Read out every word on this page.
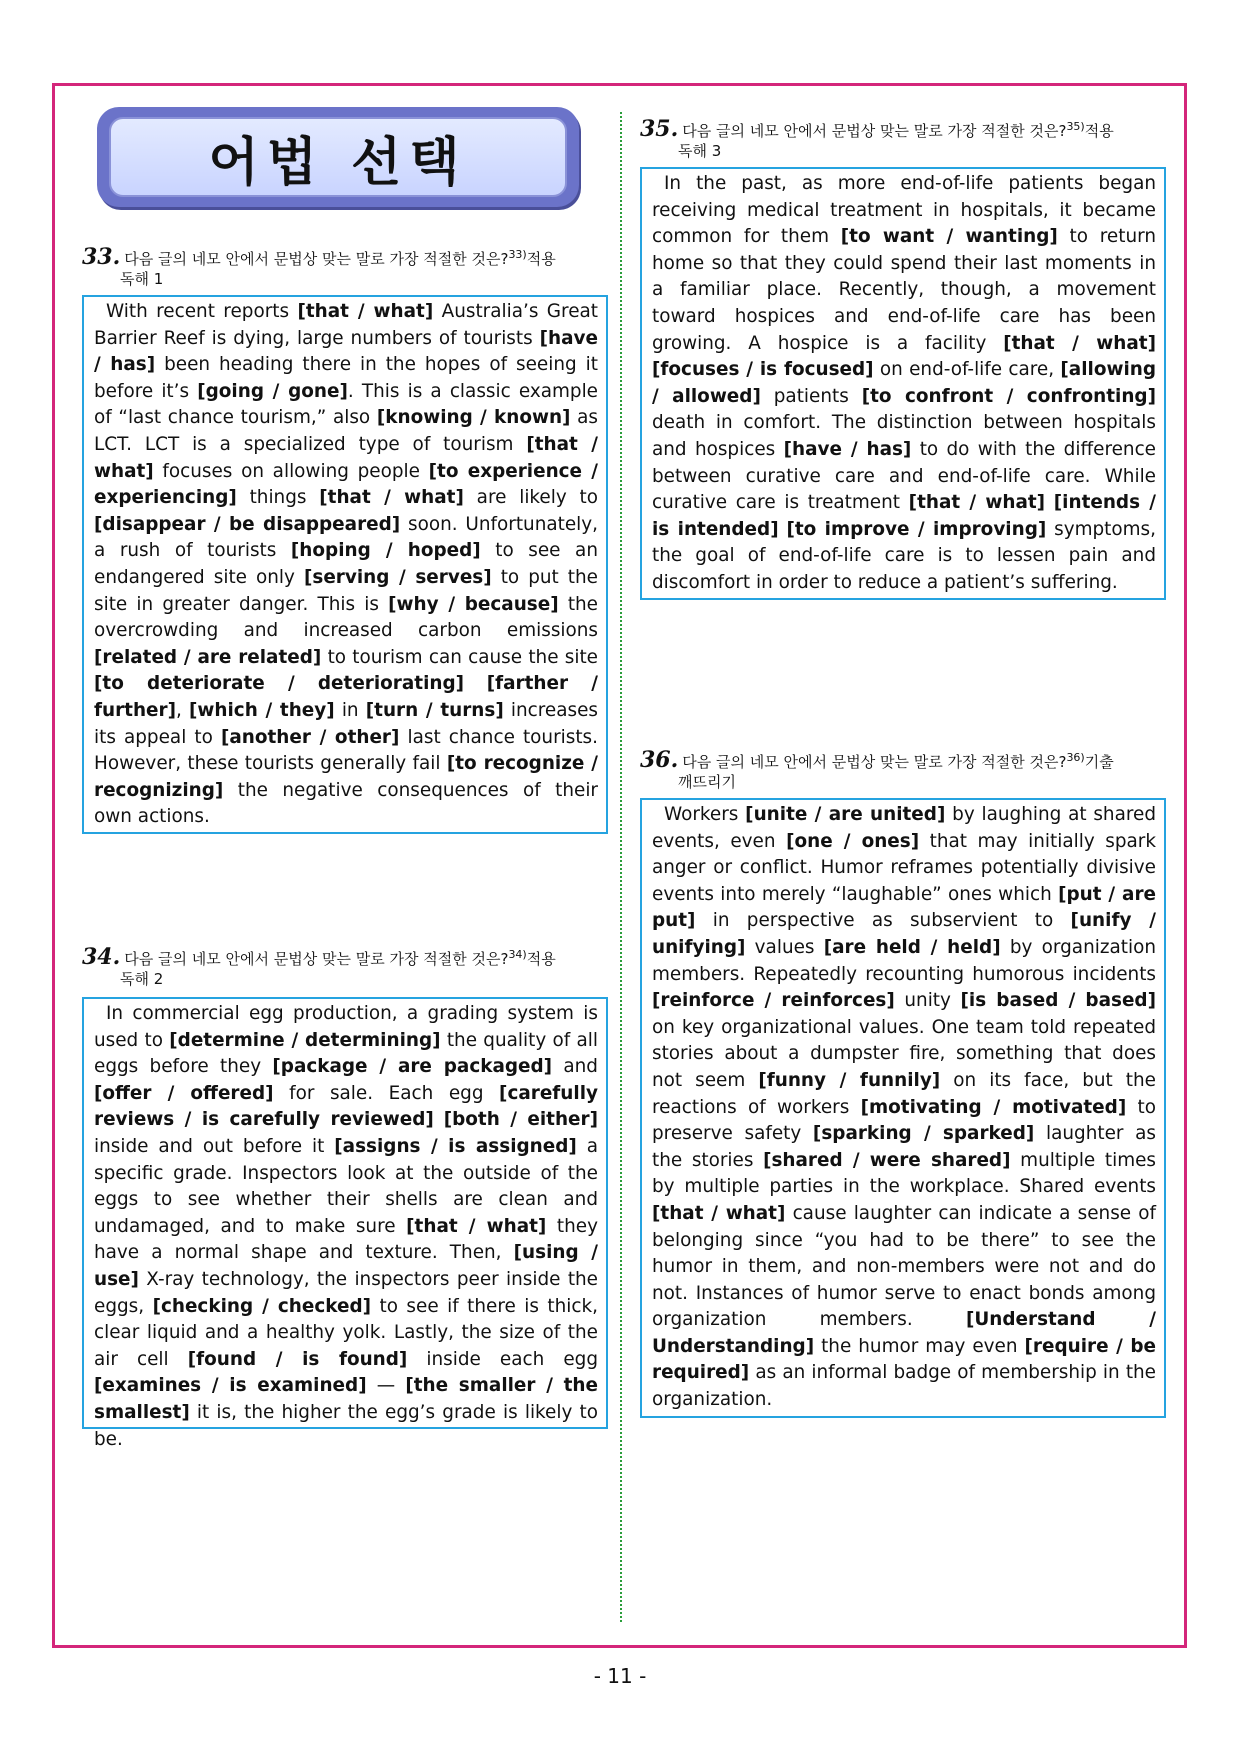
어법 선택
33. 다음 글의 네모 안에서 문법상 맞는 말로 가장 적절한 것은?$^{33)}$적용
독해 1
With recent reports [that / what] Australia’s Great Barrier Reef is dying, large numbers of tourists [have / has] been heading there in the hopes of seeing it before it’s [going / gone]. This is a classic example of “last chance tourism,” also [knowing / known] as LCT. LCT is a specialized type of tourism [that / what] focuses on allowing people [to experience / experiencing] things [that / what] are likely to [disappear / be disappeared] soon. Unfortunately, a rush of tourists [hoping / hoped] to see an endangered site only [serving / serves] to put the site in greater danger. This is [why / because] the overcrowding and increased carbon emissions [related / are related] to tourism can cause the site [to deteriorate / deteriorating] [farther / further], [which / they] in [turn / turns] increases its appeal to [another / other] last chance tourists. However, these tourists generally fail [to recognize / recognizing] the negative consequences of their own actions.
34. 다음 글의 네모 안에서 문법상 맞는 말로 가장 적절한 것은?$^{34)}$적용
독해 2
In commercial egg production, a grading system is used to [determine / determining] the quality of all eggs before they [package / are packaged] and [offer / offered] for sale. Each egg [carefully reviews / is carefully reviewed] [both / either] inside and out before it [assigns / is assigned] a specific grade. Inspectors look at the outside of the eggs to see whether their shells are clean and undamaged, and to make sure [that / what] they have a normal shape and texture. Then, [using / use] X-ray technology, the inspectors peer inside the eggs, [checking / checked] to see if there is thick, clear liquid and a healthy yolk. Lastly, the size of the air cell [found / is found] inside each egg [examines / is examined] — [the smaller / the smallest] it is, the higher the egg’s grade is likely to be.
35. 다음 글의 네모 안에서 문법상 맞는 말로 가장 적절한 것은?$^{35)}$적용
독해 3
In the past, as more end-of-life patients began receiving medical treatment in hospitals, it became common for them [to want / wanting] to return home so that they could spend their last moments in a familiar place. Recently, though, a movement toward hospices and end-of-life care has been growing. A hospice is a facility [that / what] [focuses / is focused] on end-of-life care, [allowing / allowed] patients [to confront / confronting] death in comfort. The distinction between hospitals and hospices [have / has] to do with the difference between curative care and end-of-life care. While curative care is treatment [that / what] [intends / is intended] [to improve / improving] symptoms, the goal of end-of-life care is to lessen pain and discomfort in order to reduce a patient’s suffering.
36. 다음 글의 네모 안에서 문법상 맞는 말로 가장 적절한 것은?$^{36)}$기출
깨뜨리기
Workers [unite / are united] by laughing at shared events, even [one / ones] that may initially spark anger or conflict. Humor reframes potentially divisive events into merely “laughable” ones which [put / are put] in perspective as subservient to [unify / unifying] values [are held / held] by organization members. Repeatedly recounting humorous incidents [reinforce / reinforces] unity [is based / based] on key organizational values. One team told repeated stories about a dumpster fire, something that does not seem [funny / funnily] on its face, but the reactions of workers [motivating / motivated] to preserve safety [sparking / sparked] laughter as the stories [shared / were shared] multiple times by multiple parties in the workplace. Shared events [that / what] cause laughter can indicate a sense of belonging since “you had to be there” to see the humor in them, and non-members were not and do not. Instances of humor serve to enact bonds among organization members. [Understand / Understanding] the humor may even [require / be required] as an informal badge of membership in the organization.
- 11 -
